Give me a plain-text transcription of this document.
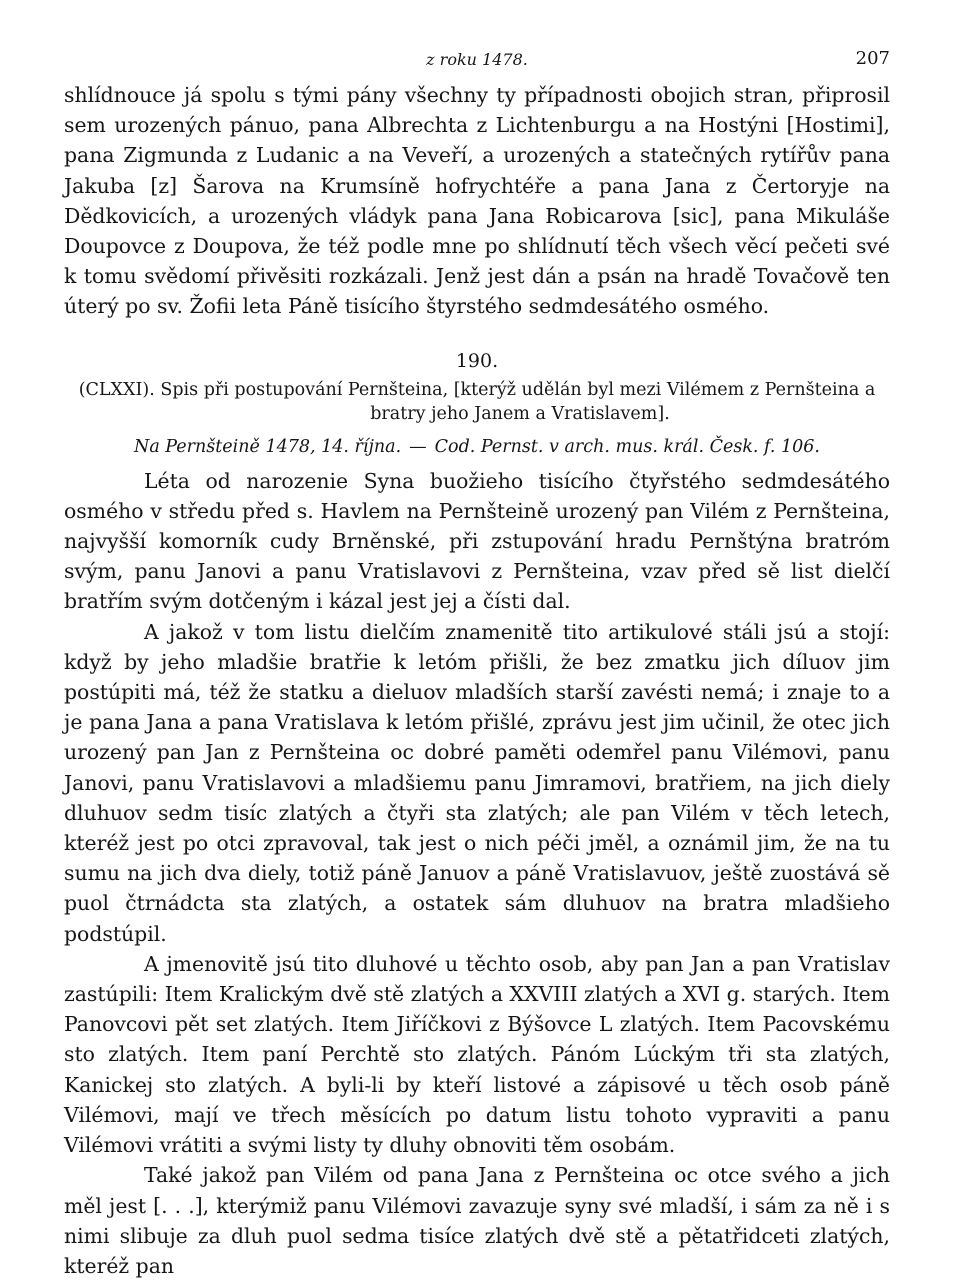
z roku 1478.	207

shlídnouce já spolu s tými pány všechny ty případnosti obojich stran, připrosil sem urozených pánuo, pana Albrechta z Lichtenburgu a na Hostýni [Hostimi], pana Zigmunda z Ludanic a na Veveří, a urozených a statečných rytířův pana Jakuba [z] Šarova na Krumsíně hofrychtéře a pana Jana z Čertoryje na Dědkovicích, a urozených vládyk pana Jana Robicarova [sic], pana Mikuláše Doupovce z Doupova, že též podle mne po shlídnutí těch všech věcí pečeti své k tomu svědomí přivěsiti rozkázali. Jenž jest dán a psán na hradě Tovačově ten úterý po sv. Žofii leta Páně tisícího štyrstého sedmdesátého osmého.

190.
(CLXXI). Spis při postupování Pernšteina, [kterýž udělán byl mezi Vilémem z Pernšteina a bratry jeho Janem a Vratislavem].
Na Pernšteině 1478, 14. října. — Cod. Pernst. v arch. mus. král. Česk. f. 106.

Léta od narozenie Syna buožieho tisícího čtyřstého sedmdesátého osmého v středu před s. Havlem na Pernšteině urozený pan Vilém z Pernšteina, najvyšší komorník cudy Brněnské, při zstupování hradu Pernštýna bratróm svým, panu Janovi a panu Vratislavovi z Pernšteina, vzav před sě list dielčí bratřím svým dotčeným i kázal jest jej a čísti dal.

A jakož v tom listu dielčím znamenitě tito artikulové stáli jsú a stojí: když by jeho mladšie bratřie k letóm přišli, že bez zmatku jich díluov jim postúpiti má, též že statku a dieluov mladších starší zavésti nemá; i znaje to a je pana Jana a pana Vratislava k letóm přišlé, zprávu jest jim učinil, že otec jich urozený pan Jan z Pernšteina oc dobré paměti odemřel panu Vilémovi, panu Janovi, panu Vratislavovi a mladšiemu panu Jimramovi, bratřiem, na jich diely dluhuov sedm tisíc zlatých a čtyři sta zlatých; ale pan Vilém v těch letech, kteréž jest po otci zpravoval, tak jest o nich péči jměl, a oznámil jim, že na tu sumu na jich dva diely, totiž páně Januov a páně Vratislavuov, ještě zuostává sě puol čtrnádcta sta zlatých, a ostatek sám dluhuov na bratra mladšieho podstúpil.

A jmenovitě jsú tito dluhové u těchto osob, aby pan Jan a pan Vratislav zastúpili: Item Kralickým dvě stě zlatých a XXVIII zlatých a XVI g. starých. Item Panovcovi pět set zlatých. Item Jiříčkovi z Býšovce L zlatých. Item Pacovskému sto zlatých. Item paní Perchtě sto zlatých. Pánóm Lúckým tři sta zlatých, Kanickej sto zlatých. A byli-li by kteří listové a zápisové u těch osob páně Vilémovi, mají ve třech měsících po datum listu tohoto vypraviti a panu Vilémovi vrátiti a svými listy ty dluhy obnoviti těm osobám.

Také jakož pan Vilém od pana Jana z Pernšteina oc otce svého a jich měl jest [. . .], kterýmiž panu Vilémovi zavazuje syny své mladší, i sám za ně i s nimi slibuje za dluh puol sedma tisíce zlatých dvě stě a pětatřidceti zlatých, kteréž pan
